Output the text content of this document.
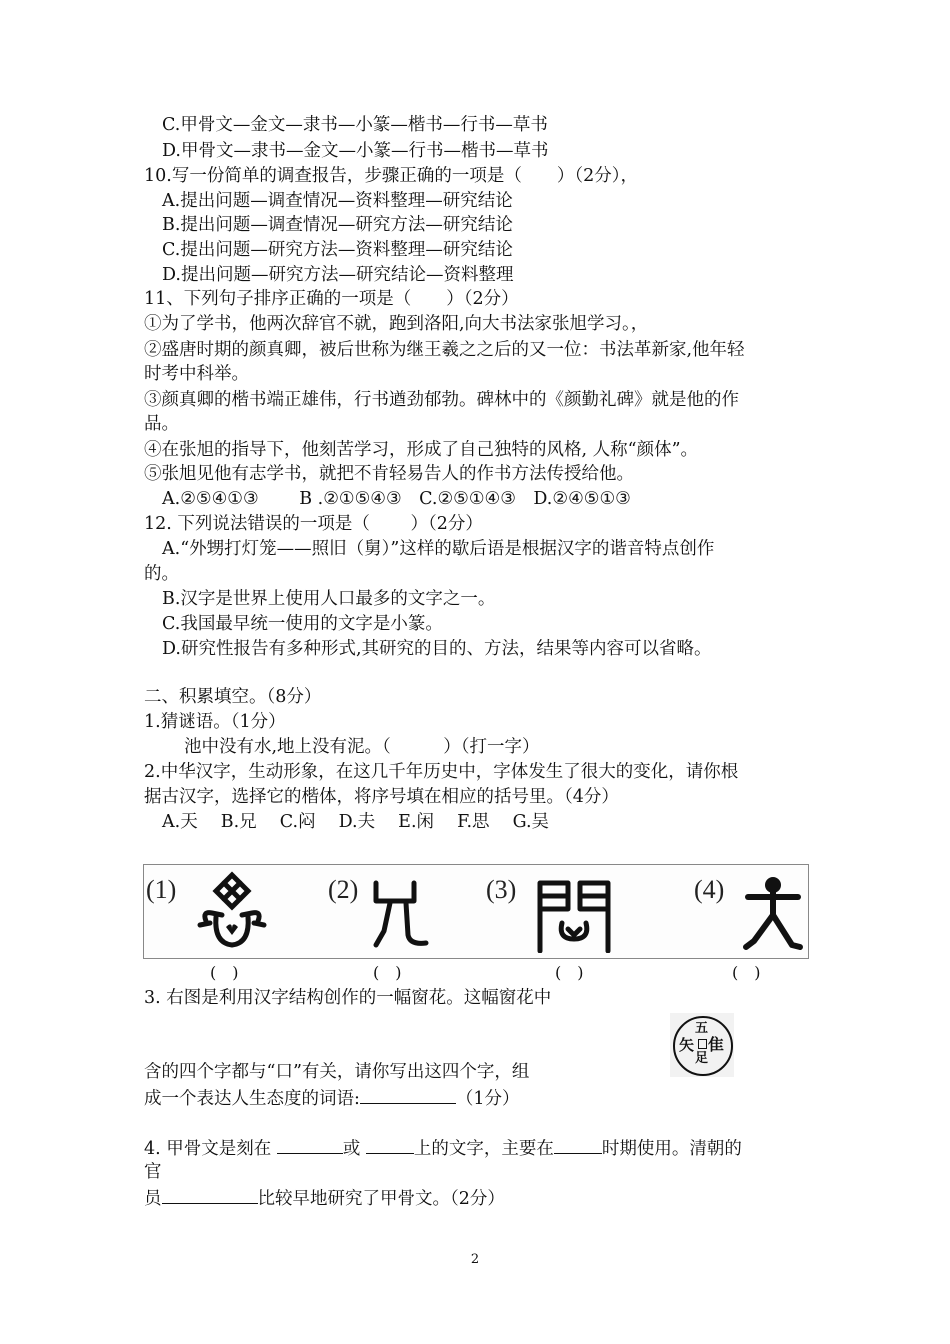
C.甲骨文—金文—隶书—小篆—楷书—行书—草书
D.甲骨文—隶书—金文—小篆—行书—楷书—草书
10.写一份简单的调查报告，步骤正确的一项是（　　）（2分），
A.提出问题—调查情况—资料整理—研究结论
B.提出问题—调查情况—研究方法—研究结论
C.提出问题—研究方法—资料整理—研究结论
D.提出问题—研究方法—研究结论—资料整理
11、下列句子排序正确的一项是（　　）（2分）
①为了学书，他两次辞官不就，跑到洛阳,向大书法家张旭学习。，
②盛唐时期的颜真卿，被后世称为继王羲之之后的又一位：书法革新家,他年轻
时考中科举。
③颜真卿的楷书端正雄伟，行书遒劲郁勃。碑林中的《颜勤礼碑》就是他的作
品。
④在张旭的指导下，他刻苦学习，形成了自己独特的风格, 人称“颜体”。
⑤张旭见他有志学书，就把不肯轻易告人的作书方法传授给他。
A.②⑤④①③　 　B .②①⑤④③　C.②⑤①④③　D.②④⑤①③
12. 下列说法错误的一项是（　　 ）（2分）
A.“外甥打灯笼——照旧（舅）”这样的歇后语是根据汉字的谐音特点创作
的。
B.汉字是世界上使用人口最多的文字之一。
C.我国最早统一使用的文字是小篆。
D.研究性报告有多种形式,其研究的目的、方法，结果等内容可以省略。
二、积累填空。（8分）
1.猜谜语。（1分）
池中没有水,地上没有泥。（　　　）（打一字）
2.中华汉字，生动形象，在这几千年历史中，字体发生了很大的变化，请你根
据古汉字，选择它的楷体，将序号填在相应的括号里。（4分）
A.天　 B.兄　 C.闷　 D.夫　 E.闲　 F.思　 G.吴
(1)	(2)	(3)	(4)
(　)	(　)	(　)	(　)
3. 右图是利用汉字结构创作的一幅窗花。这幅窗花中
五
矢 隹
足
含的四个字都与“口”有关，请你写出这四个字，组
成一个表达人生态度的词语:	（1分）
4. 甲骨文是刻在	或	上的文字，主要在	时期使用。清朝的
官
员	比较早地研究了甲骨文。（2分）
2
